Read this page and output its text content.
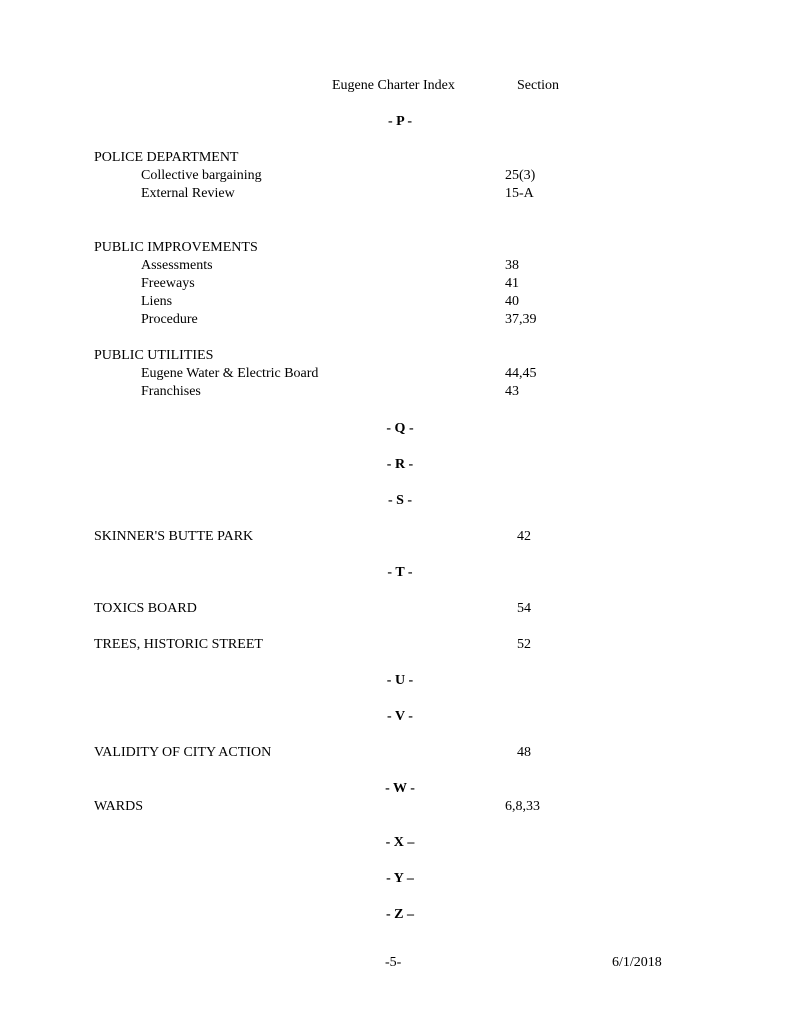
Eugene Charter Index	Section
- P -
POLICE DEPARTMENT
Collective bargaining	25(3)
External Review	15-A
PUBLIC IMPROVEMENTS
Assessments	38
Freeways	41
Liens	40
Procedure	37,39
PUBLIC UTILITIES
Eugene Water & Electric Board	44,45
Franchises	43
- Q -
- R -
- S -
SKINNER'S BUTTE PARK	42
- T -
TOXICS BOARD	54
TREES, HISTORIC STREET	52
- U -
- V -
VALIDITY OF CITY ACTION	48
- W -
WARDS	6,8,33
- X –
- Y –
- Z –
-5-	6/1/2018
